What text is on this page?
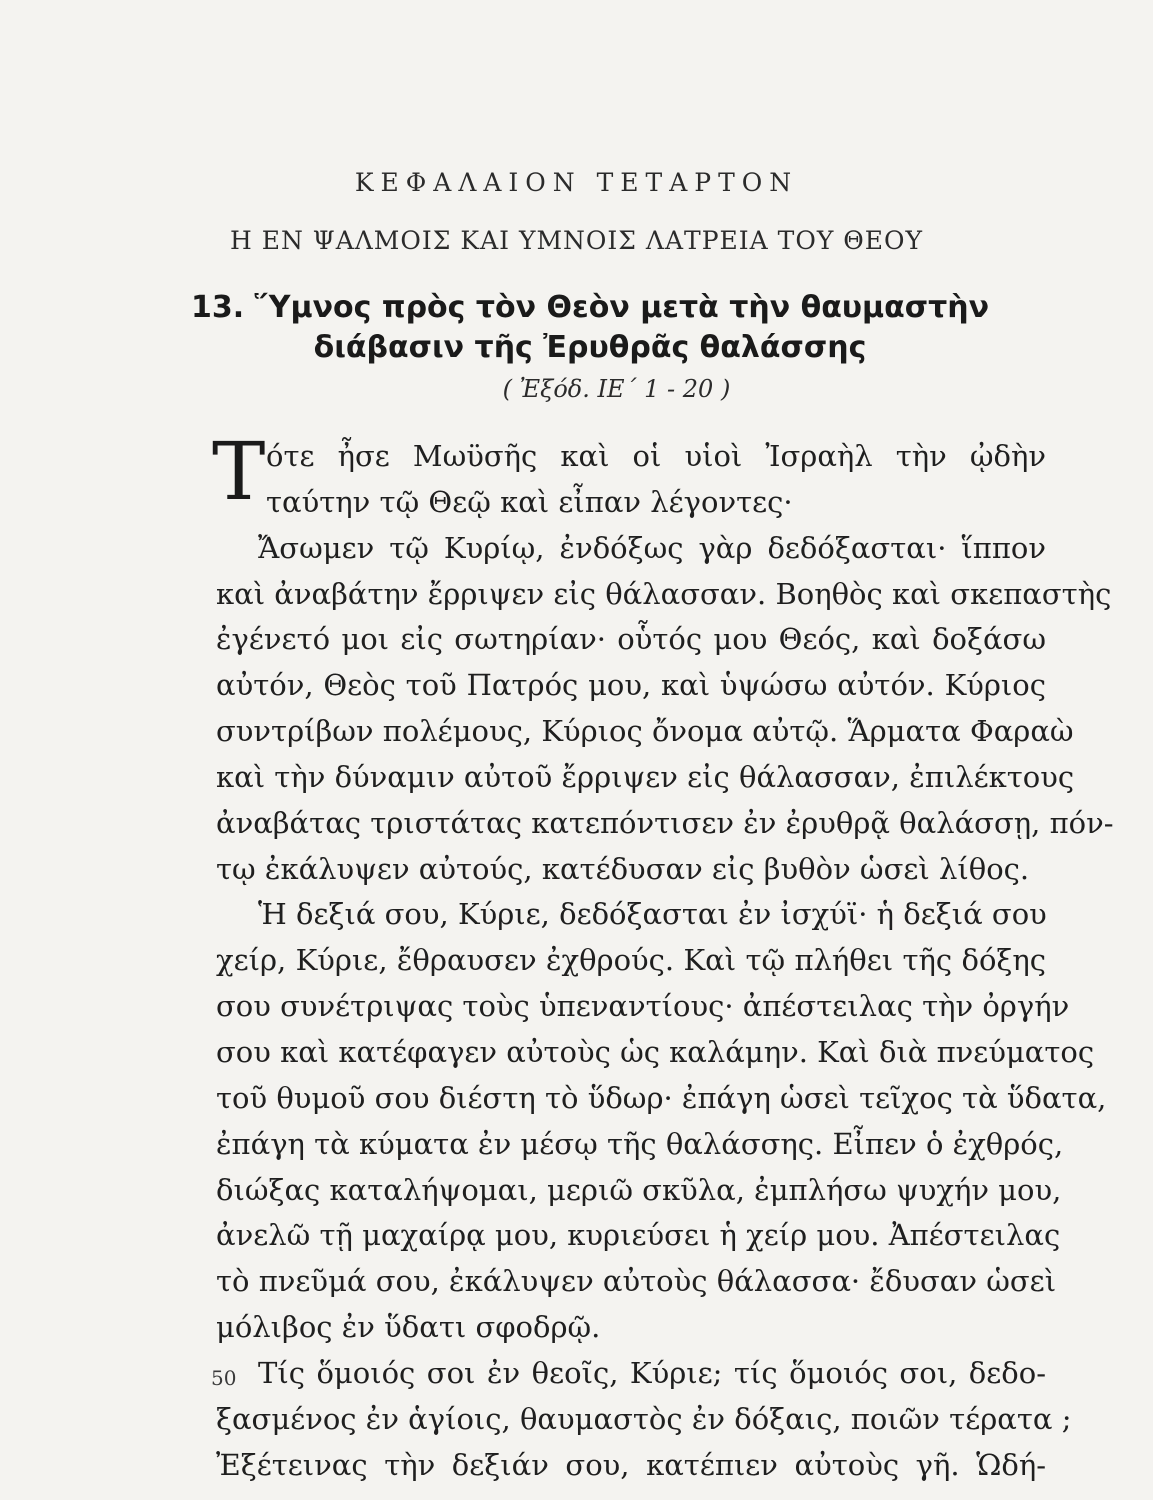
ΚΕΦΑΛΑΙΟΝ ΤΕΤΑΡΤΟΝ
Η ΕΝ ΨΑΛΜΟΙΣ ΚΑΙ ΥΜΝΟΙΣ ΛΑΤΡΕΙΑ ΤΟΥ ΘΕΟΥ
13. Ὕμνος πρὸς τὸν Θεὸν μετὰ τὴν θαυμαστὴν
διάβασιν τῆς Ἐρυθρᾶς θαλάσσης
( Ἐξόδ. ΙΕ΄ 1 - 20 )
Τ ότε ἦσε Μωϋσῆς καὶ οἱ υἱοὶ Ἰσραὴλ τὴν ᾠδὴν
ταύτην τῷ Θεῷ καὶ εἶπαν λέγοντες·
Ἄσωμεν τῷ Κυρίῳ, ἐνδόξως γὰρ δεδόξασται· ἵππον
καὶ ἀναβάτην ἔρριψεν εἰς θάλασσαν. Βοηθὸς καὶ σκεπαστὴς
ἐγένετό μοι εἰς σωτηρίαν· οὗτός μου Θεός, καὶ δοξάσω
αὐτόν, Θεὸς τοῦ Πατρός μου, καὶ ὑψώσω αὐτόν. Κύριος
συντρίβων πολέμους, Κύριος ὄνομα αὐτῷ. Ἅρματα Φαραὼ
καὶ τὴν δύναμιν αὐτοῦ ἔρριψεν εἰς θάλασσαν, ἐπιλέκτους
ἀναβάτας τριστάτας κατεπόντισεν ἐν ἐρυθρᾷ θαλάσσῃ, πόν-
τῳ ἐκάλυψεν αὐτούς, κατέδυσαν εἰς βυθὸν ὡσεὶ λίθος.
Ἡ δεξιά σου, Κύριε, δεδόξασται ἐν ἰσχύϊ· ἡ δεξιά σου
χείρ, Κύριε, ἔθραυσεν ἐχθρούς. Καὶ τῷ πλήθει τῆς δόξης
σου συνέτριψας τοὺς ὑπεναντίους· ἀπέστειλας τὴν ὀργήν
σου καὶ κατέφαγεν αὐτοὺς ὡς καλάμην. Καὶ διὰ πνεύματος
τοῦ θυμοῦ σου διέστη τὸ ὕδωρ· ἐπάγη ὡσεὶ τεῖχος τὰ ὕδατα,
ἐπάγη τὰ κύματα ἐν μέσῳ τῆς θαλάσσης. Εἶπεν ὁ ἐχθρός,
διώξας καταλήψομαι, μεριῶ σκῦλα, ἐμπλήσω ψυχήν μου,
ἀνελῶ τῇ μαχαίρᾳ μου, κυριεύσει ἡ χείρ μου. Ἀπέστειλας
τὸ πνεῦμά σου, ἐκάλυψεν αὐτοὺς θάλασσα· ἔδυσαν ὡσεὶ
μόλιβος ἐν ὕδατι σφοδρῷ.
Τίς ὅμοιός σοι ἐν θεοῖς, Κύριε; τίς ὅμοιός σοι, δεδο-
ξασμένος ἐν ἁγίοις, θαυμαστὸς ἐν δόξαις, ποιῶν τέρατα ;
Ἐξέτεινας τὴν δεξιάν σου, κατέπιεν αὐτοὺς γῆ. Ὡδή-
50
